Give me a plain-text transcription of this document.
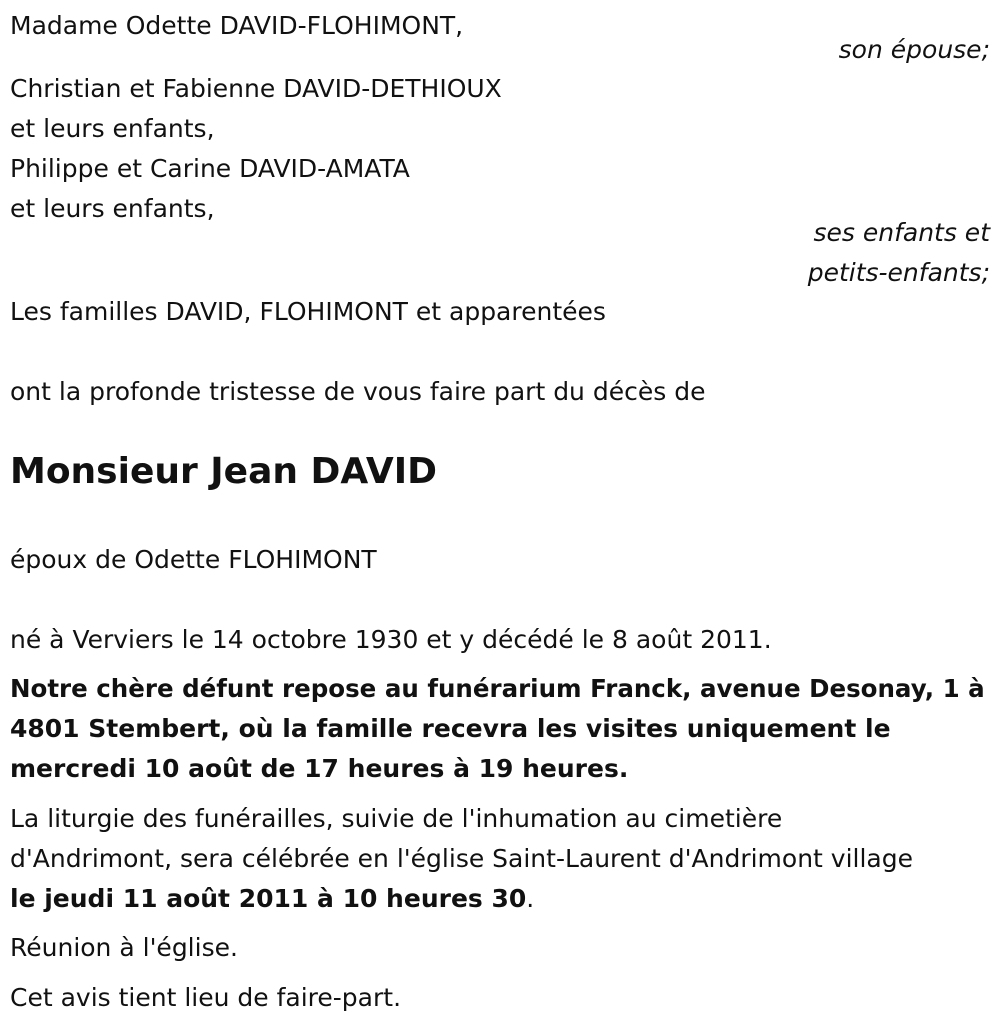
Madame Odette DAVID-FLOHIMONT,
son épouse;
Christian et Fabienne DAVID-DETHIOUX
et leurs enfants,
Philippe et Carine DAVID-AMATA
et leurs enfants,
ses enfants et
petits-enfants;
Les familles DAVID, FLOHIMONT et apparentées
ont la profonde tristesse de vous faire part du décès de
Monsieur Jean DAVID
époux de Odette FLOHIMONT
né à Verviers le 14 octobre 1930 et y décédé le 8 août 2011.
Notre chère défunt repose au funérarium Franck, avenue Desonay, 1 à
4801 Stembert, où la famille recevra les visites uniquement le
mercredi 10 août de 17 heures à 19 heures.
La liturgie des funérailles, suivie de l'inhumation au cimetière
d'Andrimont, sera célébrée en l'église Saint-Laurent d'Andrimont village
le jeudi 11 août 2011 à 10 heures 30.
Réunion à l'église.
Cet avis tient lieu de faire-part.
